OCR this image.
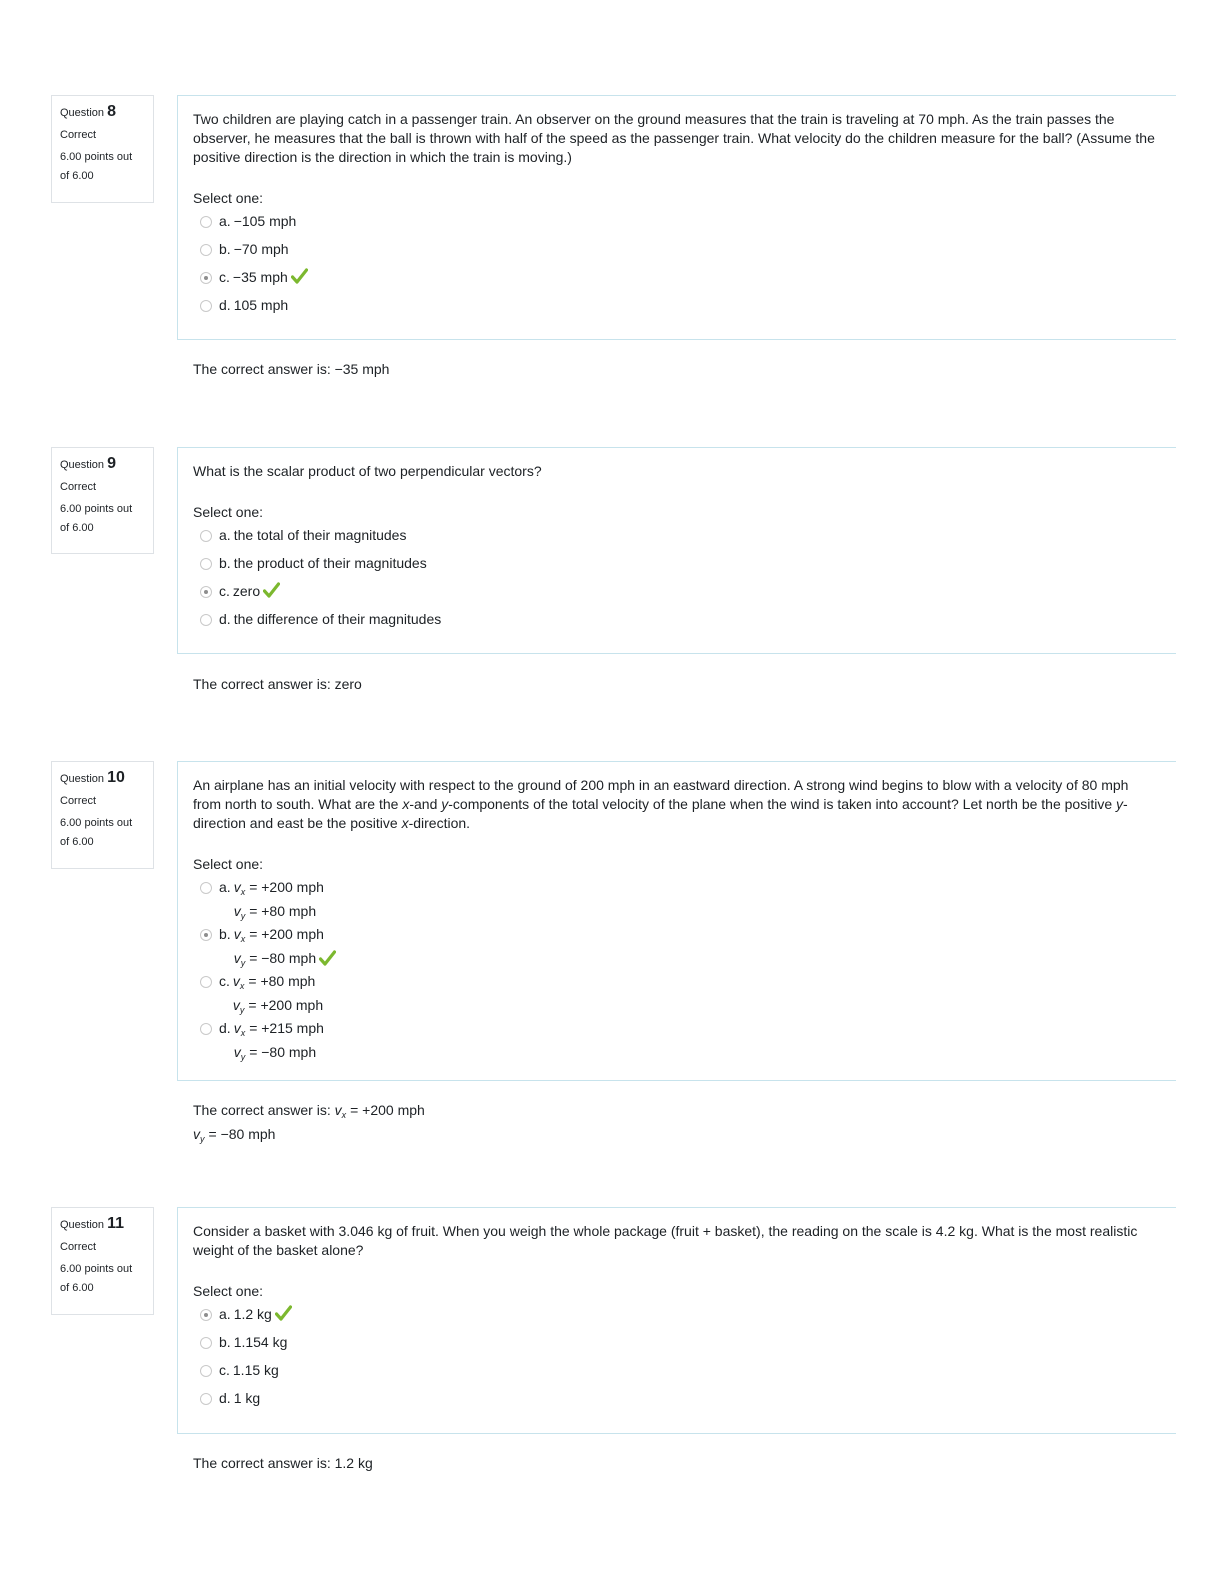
Question 8
Correct
6.00 points out of 6.00
Two children are playing catch in a passenger train. An observer on the ground measures that the train is traveling at 70 mph. As the train passes the observer, he measures that the ball is thrown with half of the speed as the passenger train. What velocity do the children measure for the ball? (Assume the positive direction is the direction in which the train is moving.)
Select one:
a. −105 mph
b. −70 mph
c. −35 mph
d. 105 mph
The correct answer is: −35 mph
Question 9
Correct
6.00 points out of 6.00
What is the scalar product of two perpendicular vectors?
Select one:
a. the total of their magnitudes
b. the product of their magnitudes
c. zero
d. the difference of their magnitudes
The correct answer is: zero
Question 10
Correct
6.00 points out of 6.00
An airplane has an initial velocity with respect to the ground of 200 mph in an eastward direction. A strong wind begins to blow with a velocity of 80 mph from north to south. What are the x-and y-components of the total velocity of the plane when the wind is taken into account? Let north be the positive y-direction and east be the positive x-direction.
Select one:
a. $v_x = +200$ mph
$v_y = +80$ mph
b. $v_x = +200$ mph
$v_y = -80$ mph
c. $v_x = +80$ mph
$v_y = +200$ mph
d. $v_x = +215$ mph
$v_y = -80$ mph
The correct answer is: $v_x = +200$ mph
$v_y = -80$ mph
Question 11
Correct
6.00 points out of 6.00
Consider a basket with 3.046 kg of fruit. When you weigh the whole package (fruit + basket), the reading on the scale is 4.2 kg. What is the most realistic weight of the basket alone?
Select one:
a. 1.2 kg
b. 1.154 kg
c. 1.15 kg
d. 1 kg
The correct answer is: 1.2 kg
